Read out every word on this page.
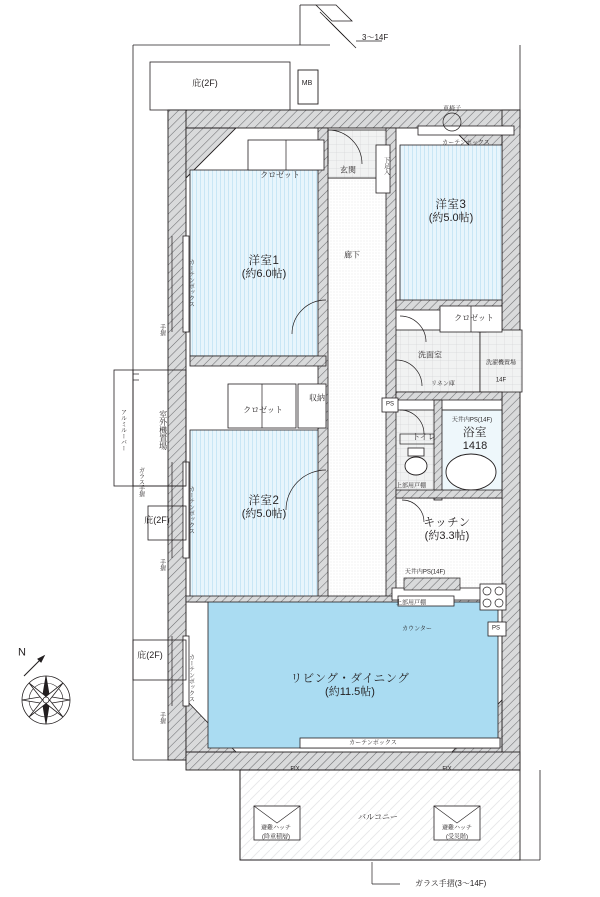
N
3～14F
ガラス手摺(3～14F)
洋室1
(約6.0帖)
洋室2
(約5.0帖)
洋室3
(約5.0帖)
リビング・ダイニング
(約11.5帖)
キッチン
(約3.3帖)
浴室
1418
庇(2F)	MB
クロゼット
玄関	下足入
カーテンボックス
車椅子
廊下
クロゼット
洗面室
洗濯機置場
14F
リネン庫
PS
天井内PS(14F)
トイレ
上部用戸棚
クロゼット
収納
天井内PS(14F)
上部用戸棚
カウンター	PS
カーテンボックス
FIX	FIX
バルコニー
避難ハッチ
(降重積層)
避難ハッチ
(受災階)
庇(2F)
庇(2F)
室外機置場
アルミルーバー
ガラス手摺
カーテンボックス
手摺
カーテンボックス
手摺
カーテンボックス
手摺
